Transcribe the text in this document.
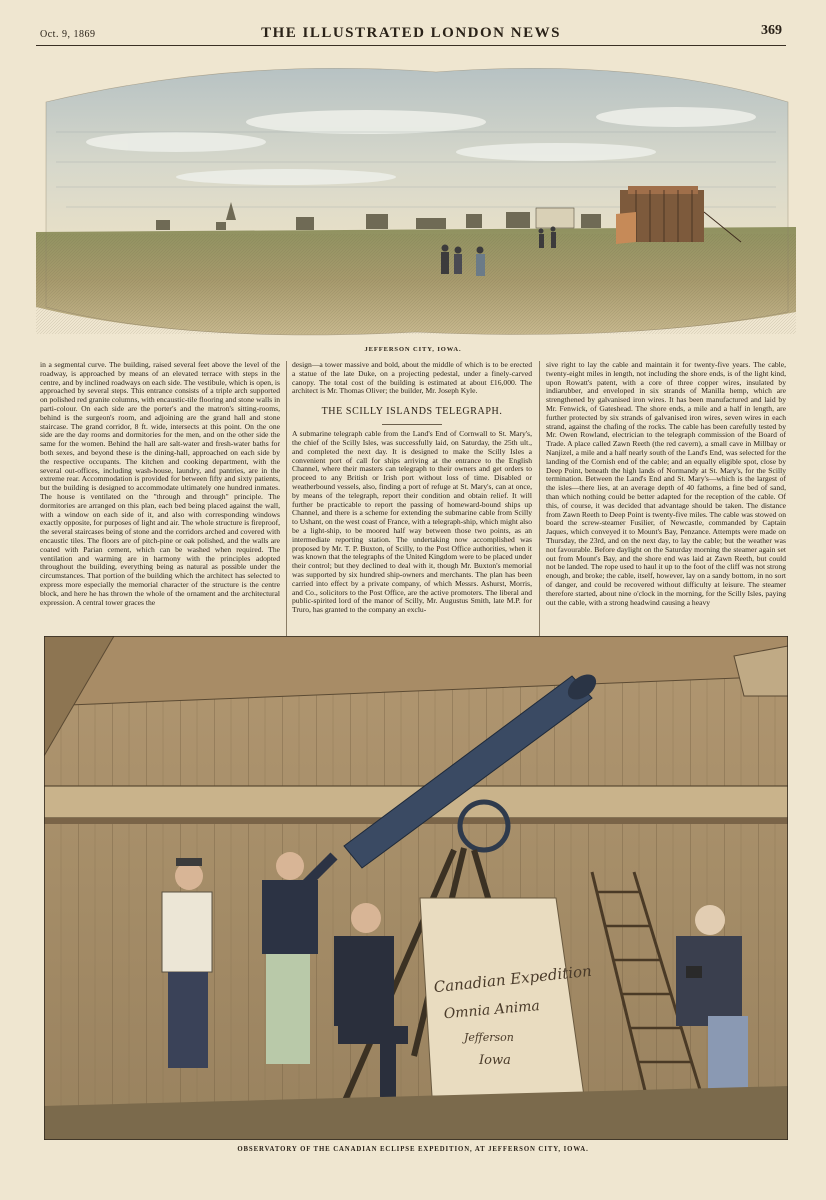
Oct. 9, 1869	THE ILLUSTRATED LONDON NEWS	369
JEFFERSON CITY, IOWA.

in a segmental curve. The building, raised several feet above the level of the roadway, is approached by means of an elevated terrace with steps in the centre, and by inclined roadways on each side. The vestibule, which is open, is approached by several steps. This entrance consists of a triple arch supported on polished red granite columns, with encaustic-tile flooring and stone walls in parti-colour. On each side are the porter's and the matron's sitting-rooms, behind is the surgeon's room, and adjoining are the grand hall and stone staircase. The grand corridor, 8 ft. wide, intersects at this point. On the one side are the day rooms and dormitories for the men, and on the other side the same for the women. Behind the hall are salt-water and fresh-water baths for both sexes, and beyond these is the dining-hall, approached on each side by the respective occupants. The kitchen and cooking department, with the several out-offices, including wash-house, laundry, and pantries, are in the extreme rear. Accommodation is provided for between fifty and sixty patients, but the building is designed to accommodate ultimately one hundred inmates. The house is ventilated on the "through and through" principle. The dormitories are arranged on this plan, each bed being placed against the wall, with a window on each side of it, and also with corresponding windows exactly opposite, for purposes of light and air. The whole structure is fireproof, the several staircases being of stone and the corridors arched and covered with encaustic tiles. The floors are of pitch-pine or oak polished, and the walls are coated with Parian cement, which can be washed when required. The ventilation and warming are in harmony with the principles adopted throughout the building, everything being as natural as possible under the circumstances. That portion of the building which the architect has selected to express more especially the memorial character of the structure is the centre block, and here he has thrown the whole of the ornament and the architectural expression. A central tower graces the

design—a tower massive and bold, about the middle of which is to be erected a statue of the late Duke, on a projecting pedestal, under a finely-carved canopy. The total cost of the building is estimated at about £16,000. The architect is Mr. Thomas Oliver; the builder, Mr. Joseph Kyle.

THE SCILLY ISLANDS TELEGRAPH.

A submarine telegraph cable from the Land's End of Cornwall to St. Mary's, the chief of the Scilly Isles, was successfully laid, on Saturday, the 25th ult., and completed the next day. It is designed to make the Scilly Isles a convenient port of call for ships arriving at the entrance to the English Channel, where their masters can telegraph to their owners and get orders to proceed to any British or Irish port without loss of time. Disabled or weatherbound vessels, also, finding a port of refuge at St. Mary's, can at once, by means of the telegraph, report their condition and obtain relief. It will further be practicable to report the passing of homeward-bound ships up Channel, and there is a scheme for extending the submarine cable from Scilly to Ushant, on the west coast of France, with a telegraph-ship, which might also be a light-ship, to be moored half way between those two points, as an intermediate reporting station. The undertaking now accomplished was proposed by Mr. T. P. Buxton, of Scilly, to the Post Office authorities, when it was known that the telegraphs of the United Kingdom were to be placed under their control; but they declined to deal with it, though Mr. Buxton's memorial was supported by six hundred ship-owners and merchants. The plan has been carried into effect by a private company, of which Messrs. Ashurst, Morris, and Co., solicitors to the Post Office, are the active promoters. The liberal and public-spirited lord of the manor of Scilly, Mr. Augustus Smith, late M.P. for Truro, has granted to the company an exclu-

sive right to lay the cable and maintain it for twenty-five years. The cable, twenty-eight miles in length, not including the shore ends, is of the light kind, upon Rowatt's patent, with a core of three copper wires, insulated by indiarubber, and enveloped in six strands of Manilla hemp, which are strengthened by galvanised iron wires. It has been manufactured and laid by Mr. Fenwick, of Gateshead. The shore ends, a mile and a half in length, are further protected by six strands of galvanised iron wires, seven wires in each strand, against the chafing of the rocks. The cable has been carefully tested by Mr. Owen Rowland, electrician to the telegraph commission of the Board of Trade. A place called Zawn Reeth (the red cavern), a small cave in Millbay or Nanjizel, a mile and a half nearly south of the Land's End, was selected for the landing of the Cornish end of the cable; and an equally eligible spot, close by Deep Point, beneath the high lands of Normandy at St. Mary's, for the Scilly termination. Between the Land's End and St. Mary's—which is the largest of the isles—there lies, at an average depth of 40 fathoms, a fine bed of sand, than which nothing could be better adapted for the reception of the cable. Of this, of course, it was decided that advantage should be taken. The distance from Zawn Reeth to Deep Point is twenty-five miles. The cable was stowed on board the screw-steamer Fusilier, of Newcastle, commanded by Captain Jaques, which conveyed it to Mount's Bay, Penzance. Attempts were made on Thursday, the 23rd, and on the next day, to lay the cable; but the weather was not favourable. Before daylight on the Saturday morning the steamer again set out from Mount's Bay, and the shore end was laid at Zawn Reeth, but could not be landed. The rope used to haul it up to the foot of the cliff was not strong enough, and broke; the cable, itself, however, lay on a sandy bottom, in no sort of danger, and could be recovered without difficulty at leisure. The steamer therefore started, about nine o'clock in the morning, for the Scilly Isles, paying out the cable, with a strong headwind causing a heavy

Canadian Expedition
Omnia Anima
Jefferson
Iowa
OBSERVATORY OF THE CANADIAN ECLIPSE EXPEDITION, AT JEFFERSON CITY, IOWA.
